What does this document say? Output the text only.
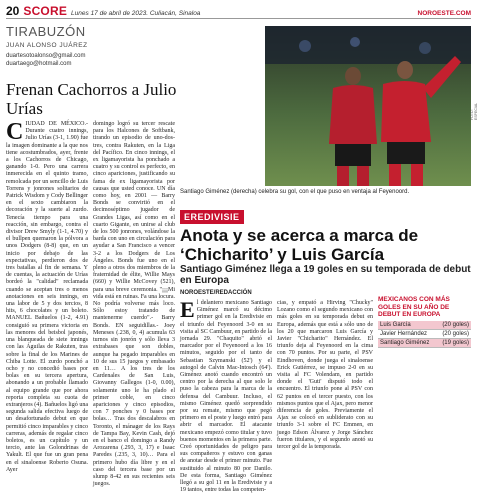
20 SCORE Lunes 17 de abril de 2023. Culiacán, Sinaloa	NOROESTE.COM
TIRABUZÓN
JUAN ALONSO JUÁREZ
duartesotoalonso@gmail.com
duartaego@hotmail.com
Frenan Cachorros a Julio Urías
C IUDAD DE MÉXICO.- Durante cuatro innings, Julio Urías (3-1, 1.90) fue la imagen dominante a la que nos tiene acostumbrados, ayer, frente a los Cachorros de Chicago, ganando 1-0. Pero una carrera inmerecida en el quinto tramo, remolcada por un sencillo de Luis Torrens y jonrones solitarios de Patrick Wisdom y Cody Bellinger en el sexto cambiaron la decoración y la suerte al zurdo. Tenecía tiempo para una reacción, sin embargo, contra el divisor Drew Smyly (1-1, 4.70) y el bullpen quemaron la pólvora a unos Dodgers (8-8) que, en un inicio por debajo de las expectativas, perdieron dos de tres batallas al fin de semana. Y de cuentas, la actuación de Urías bordeó la "calidad" reclamada cuando se aceptan tres o menos anotaciones en seis innings, en una labor de 5 y dos tercios, 8 hits, 6 chocolates y un boleto. MANUEL Bañuelos (1-2, 4.91) consiguió su primera victoria en las menores del beisbol japonés, una blanqueada de siete innings con las Águilas de Rakuten, tras sobre la final de los Marines de Chiba Lotte. El zurdo ponchó a ocho y no concedió bases por bolas en su tercera apertura, abonando a un probable llamado al equipo grande que por ahora reporta completa su cuota de extranjeros (4). Bañuelos ligó una segunda salida efectiva luego de un desafortunado debut en que permitió cinco imparables y cinco carreras, además de regalar cinco boletos, es un capítulo y un tercio, ante las Golondrinas de Yakult. El que fue un gran pena en el sinaloense Roberto Osuna. Ayer
domingo logró su tercer rescate para los Halcones de Softbank, tirando un episodio de uno-dos-tres, contra Rakuten, en la Liga del Pacífico. En cinco innings, el ex ligamayorista ha ponchado a cuatro y su control es perfecto, en cinco apariciones, justificando su fama de ex ligamayorista por causas que usted conoce. UN día como hoy, en 2001 — Barry Bonds se convirtió en el decimoséptimo jugador de Grandes Ligas, así como en el cuarto Gigante, en unirse al club de los 500 jonrones, volándose la barda con uno en circulación para ayudar a San Francisco a vencer 3-2 a los Dodgers de Los Ángeles. Bonds fue uno en el pleno a otros dos miembros de la fraternidad de élite, Willie Mays (660) y Willie McCovey (521), para una breve ceremonia. "¡¡¡Mi vida está en ruinas. Fa una locura. No podría volverse más loco. Sólo estoy tratando de mantenerme cuerdo".- Barry Bonds. EN seguidillas.- Joey Meneses (.238, 0, 4) acumula 63 turnos sin jonrón y sólo lleva 3 extrabases que son dobles, aunque ha pegado imparables en 10 de sus 15 juegos y embasado en 11… A los tres de los Cardenales de San Luis, Giovanny Gallegos (1-0, 0.00), solamente uno le ha plado el primer coble, en cinco apariciones y cinco episodios, con 7 ponches y 0 bases por bolas… Tras dos descalabros en Toronto, el mánager de los Rays de Tampa Bay, Kevin Cash, dejó en el banco el domingo a Randy Arozarena (.293, 3, 17) e Isaac Paredes (.235, 3, 10)… Para el primero hubo día libre y en el caso del tercera base por un slump 8-42 en sus recientes seis juegos.
FOTO: ESPECIAL
Santiago Giménez (derecha) celebra su gol, con el que puso en ventaja al Feyenoord.
EREDIVISIE
Anota y se acerca a marca de ‘Chicharito’ y Luis García
Santiago Giménez llega a 19 goles en su temporada de debut en Europa
NOROESTE/REDACCIÓN
E l delantero mexicano Santiago Giménez marcó su décimo primer gol en la Eredivisie en el triunfo del Feyenoord 3-0 en su visita al SC Cambuur, en partido de la jornada 29. "Chaquito" abrió el marcador por el Feyenoord a los 16 minutos, seguido por el tanto de Sebastian Szymanski (52') y el autogol de Calvin Mac-Intosch (64'). Giménez anotó cuando encontró un centro por la derecha al que solo le puso la cabeza para la marca de la defensa del Cambuur. Incluso, el mismo Giménez quedó sorprendido por su remate, mismo que pegó primero en el poste y luego entró para abrir el marcador. El atacante mexicano empezó como titular y tuvo buenos momentos en la primera parte. Creó oportunidades de peligro para sus compañeros y estuvo con ganas de anotar desde el primer minuto. Fue sustituido al minuto 80 por Danilo. De esta forma, Santiago Giménez llegó a su gol 11 en la Eredivisie y a 19 tantos, entre todas las competen-
cias, y empató a Hirving "Chucky" Lozano como el segundo mexicano con más goles en su temporada debut en Europa, además que está a sólo uno de los 20 que marcaron Luis García y Javier "Chicharito" Hernández. El triunfo deja al Feyenoord en la cima con 70 puntos. Por su parte, el PSV Eindhoven, donde juega el sinaloense Erick Gutiérrez, se impuso 2-0 en su visita al FC Volendam, en partido donde el 'Guti' disputó todo el encuentro. El triunfo pone al PSV con 62 puntos en el tercer puesto, con los mismos puntos que el Ajax, pero menor diferencia de goles. Previamente el Ajax se colocó en subliderato con su triunfo 3-1 sobre el FC Emmen, en juego Edson Álvarez y Jorge Sánchez fueron titulares, y el segundo anotó su tercer gol de la temporada.
MEXICANOS CON MÁS GOLES EN SU AÑO DE DEBUT EN EUROPA
Luis García	(20 goles)
Javier Hernández	(20 goles)
Santiago Giménez (19 goles)
